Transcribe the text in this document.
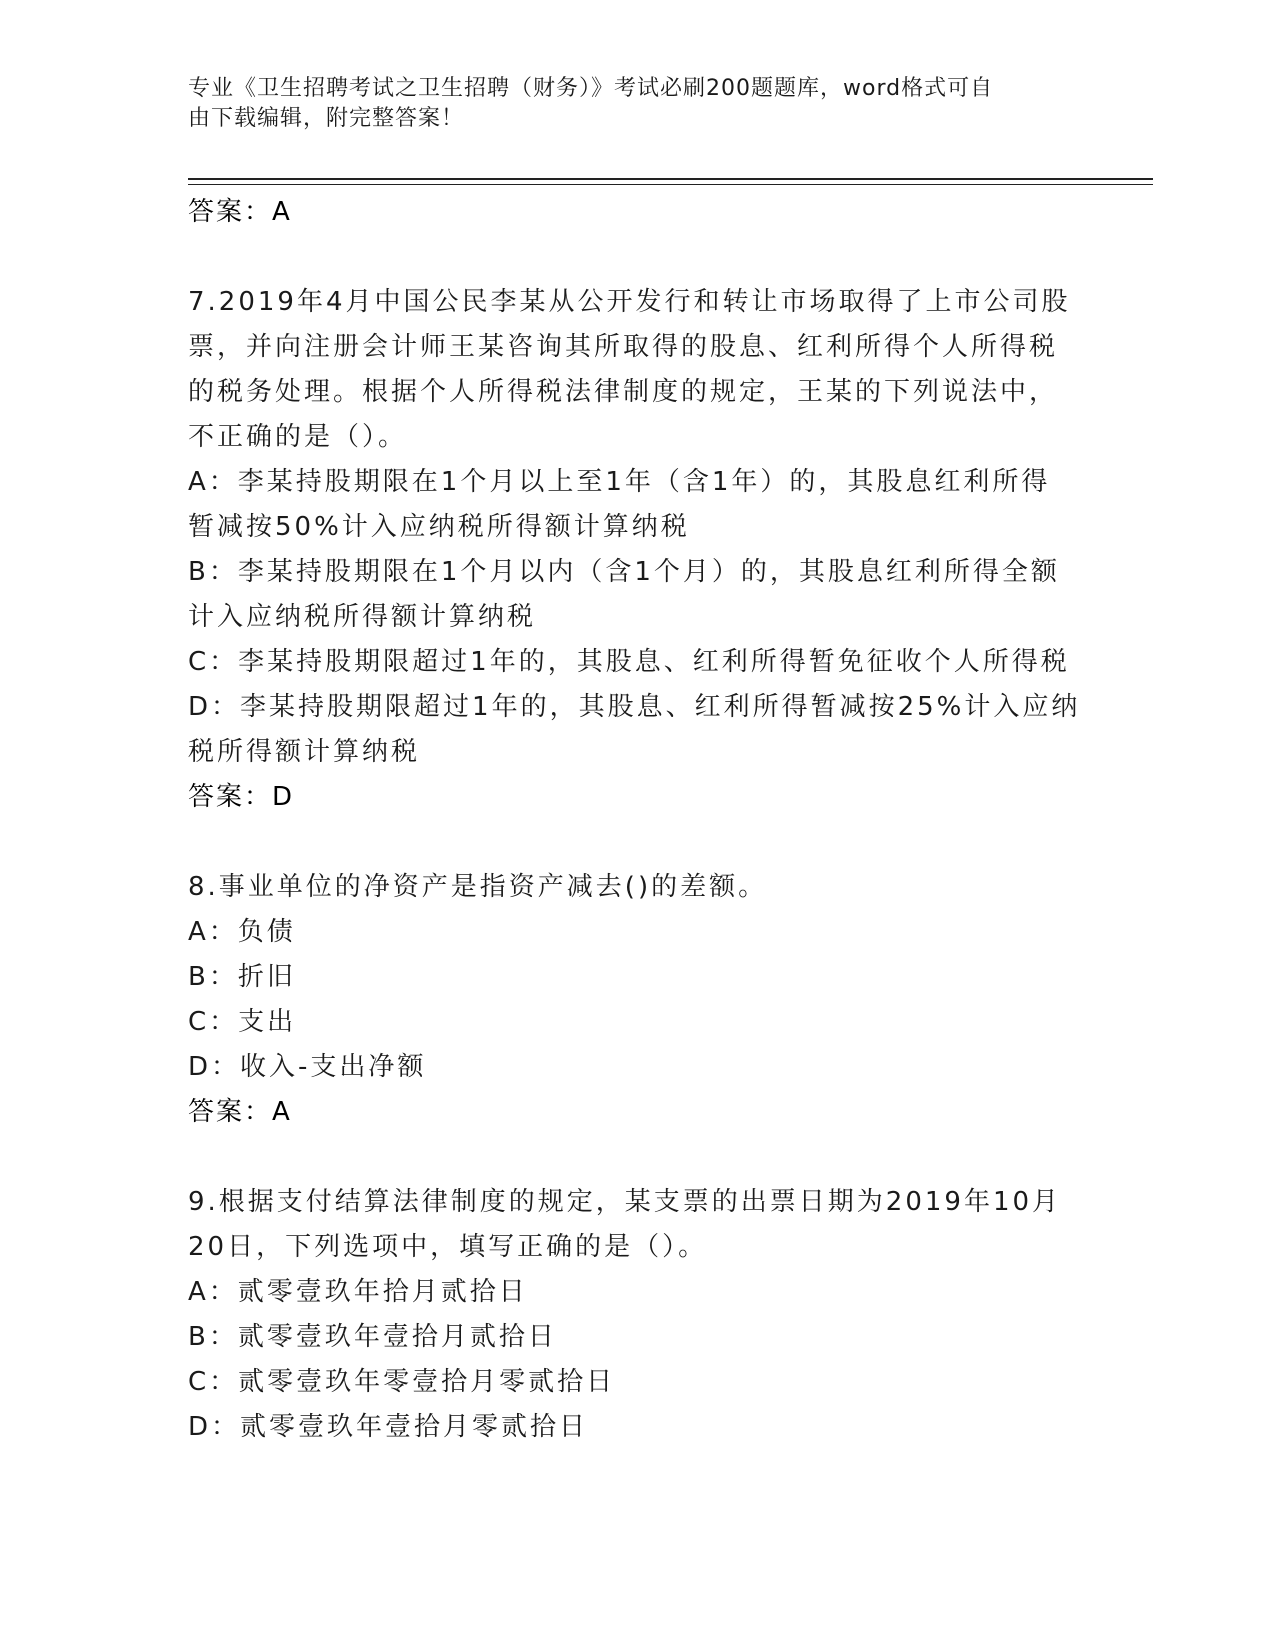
专业《卫生招聘考试之卫生招聘（财务）》考试必刷200题题库，word格式可自
由下载编辑，附完整答案！
答案：A
7.2019年4月中国公民李某从公开发行和转让市场取得了上市公司股
票，并向注册会计师王某咨询其所取得的股息、红利所得个人所得税
的税务处理。根据个人所得税法律制度的规定，王某的下列说法中，
不正确的是（）。
A：李某持股期限在1个月以上至1年（含1年）的，其股息红利所得
暂减按50%计入应纳税所得额计算纳税
B：李某持股期限在1个月以内（含1个月）的，其股息红利所得全额
计入应纳税所得额计算纳税
C：李某持股期限超过1年的，其股息、红利所得暂免征收个人所得税
D：李某持股期限超过1年的，其股息、红利所得暂减按25%计入应纳
税所得额计算纳税
答案：D
8.事业单位的净资产是指资产减去()的差额。
A：负债
B：折旧
C：支出
D：收入-支出净额
答案：A
9.根据支付结算法律制度的规定，某支票的出票日期为2019年10月
20日，下列选项中，填写正确的是（）。
A：贰零壹玖年拾月贰拾日
B：贰零壹玖年壹拾月贰拾日
C：贰零壹玖年零壹拾月零贰拾日
D：贰零壹玖年壹拾月零贰拾日
